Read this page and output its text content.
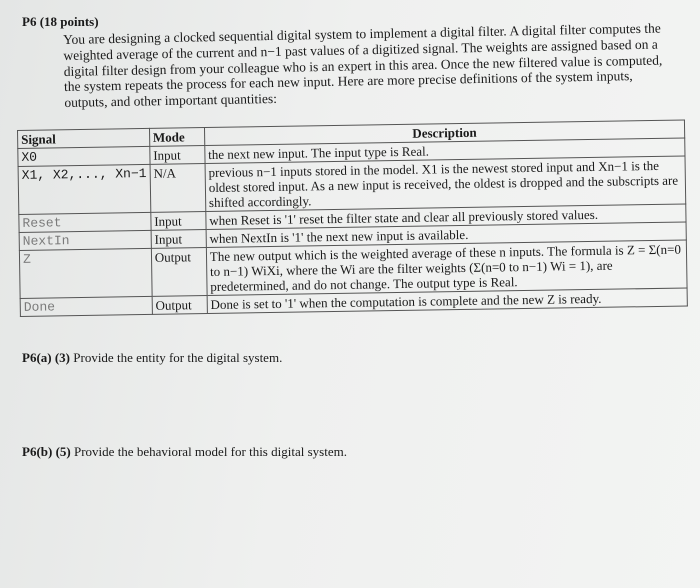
P6 (18 points)
You are designing a clocked sequential digital system to implement a digital filter. A digital filter computes the weighted average of the current and n−1 past values of a digitized signal. The weights are assigned based on a digital filter design from your colleague who is an expert in this area. Once the new filtered value is computed, the system repeats the process for each new input. Here are more precise definitions of the system inputs, outputs, and other important quantities:
Signal	Mode	Description
X0	Input	the next new input. The input type is Real.
X1, X2,..., Xn−1	N/A	previous n−1 inputs stored in the model. X1 is the newest stored input and Xn−1 is the oldest stored input. As a new input is received, the oldest is dropped and the subscripts are shifted accordingly.
Reset	Input	when Reset is '1' reset the filter state and clear all previously stored values.
NextIn	Input	when NextIn is '1' the next new input is available.
Z	Output	The new output which is the weighted average of these n inputs. The formula is Z = Σ(n=0 to n−1) WiXi, where the Wi are the filter weights (Σ(n=0 to n−1) Wi = 1), are predetermined, and do not change. The output type is Real.
Done	Output	Done is set to '1' when the computation is complete and the new Z is ready.
P6(a) (3) Provide the entity for the digital system.
P6(b) (5) Provide the behavioral model for this digital system.
